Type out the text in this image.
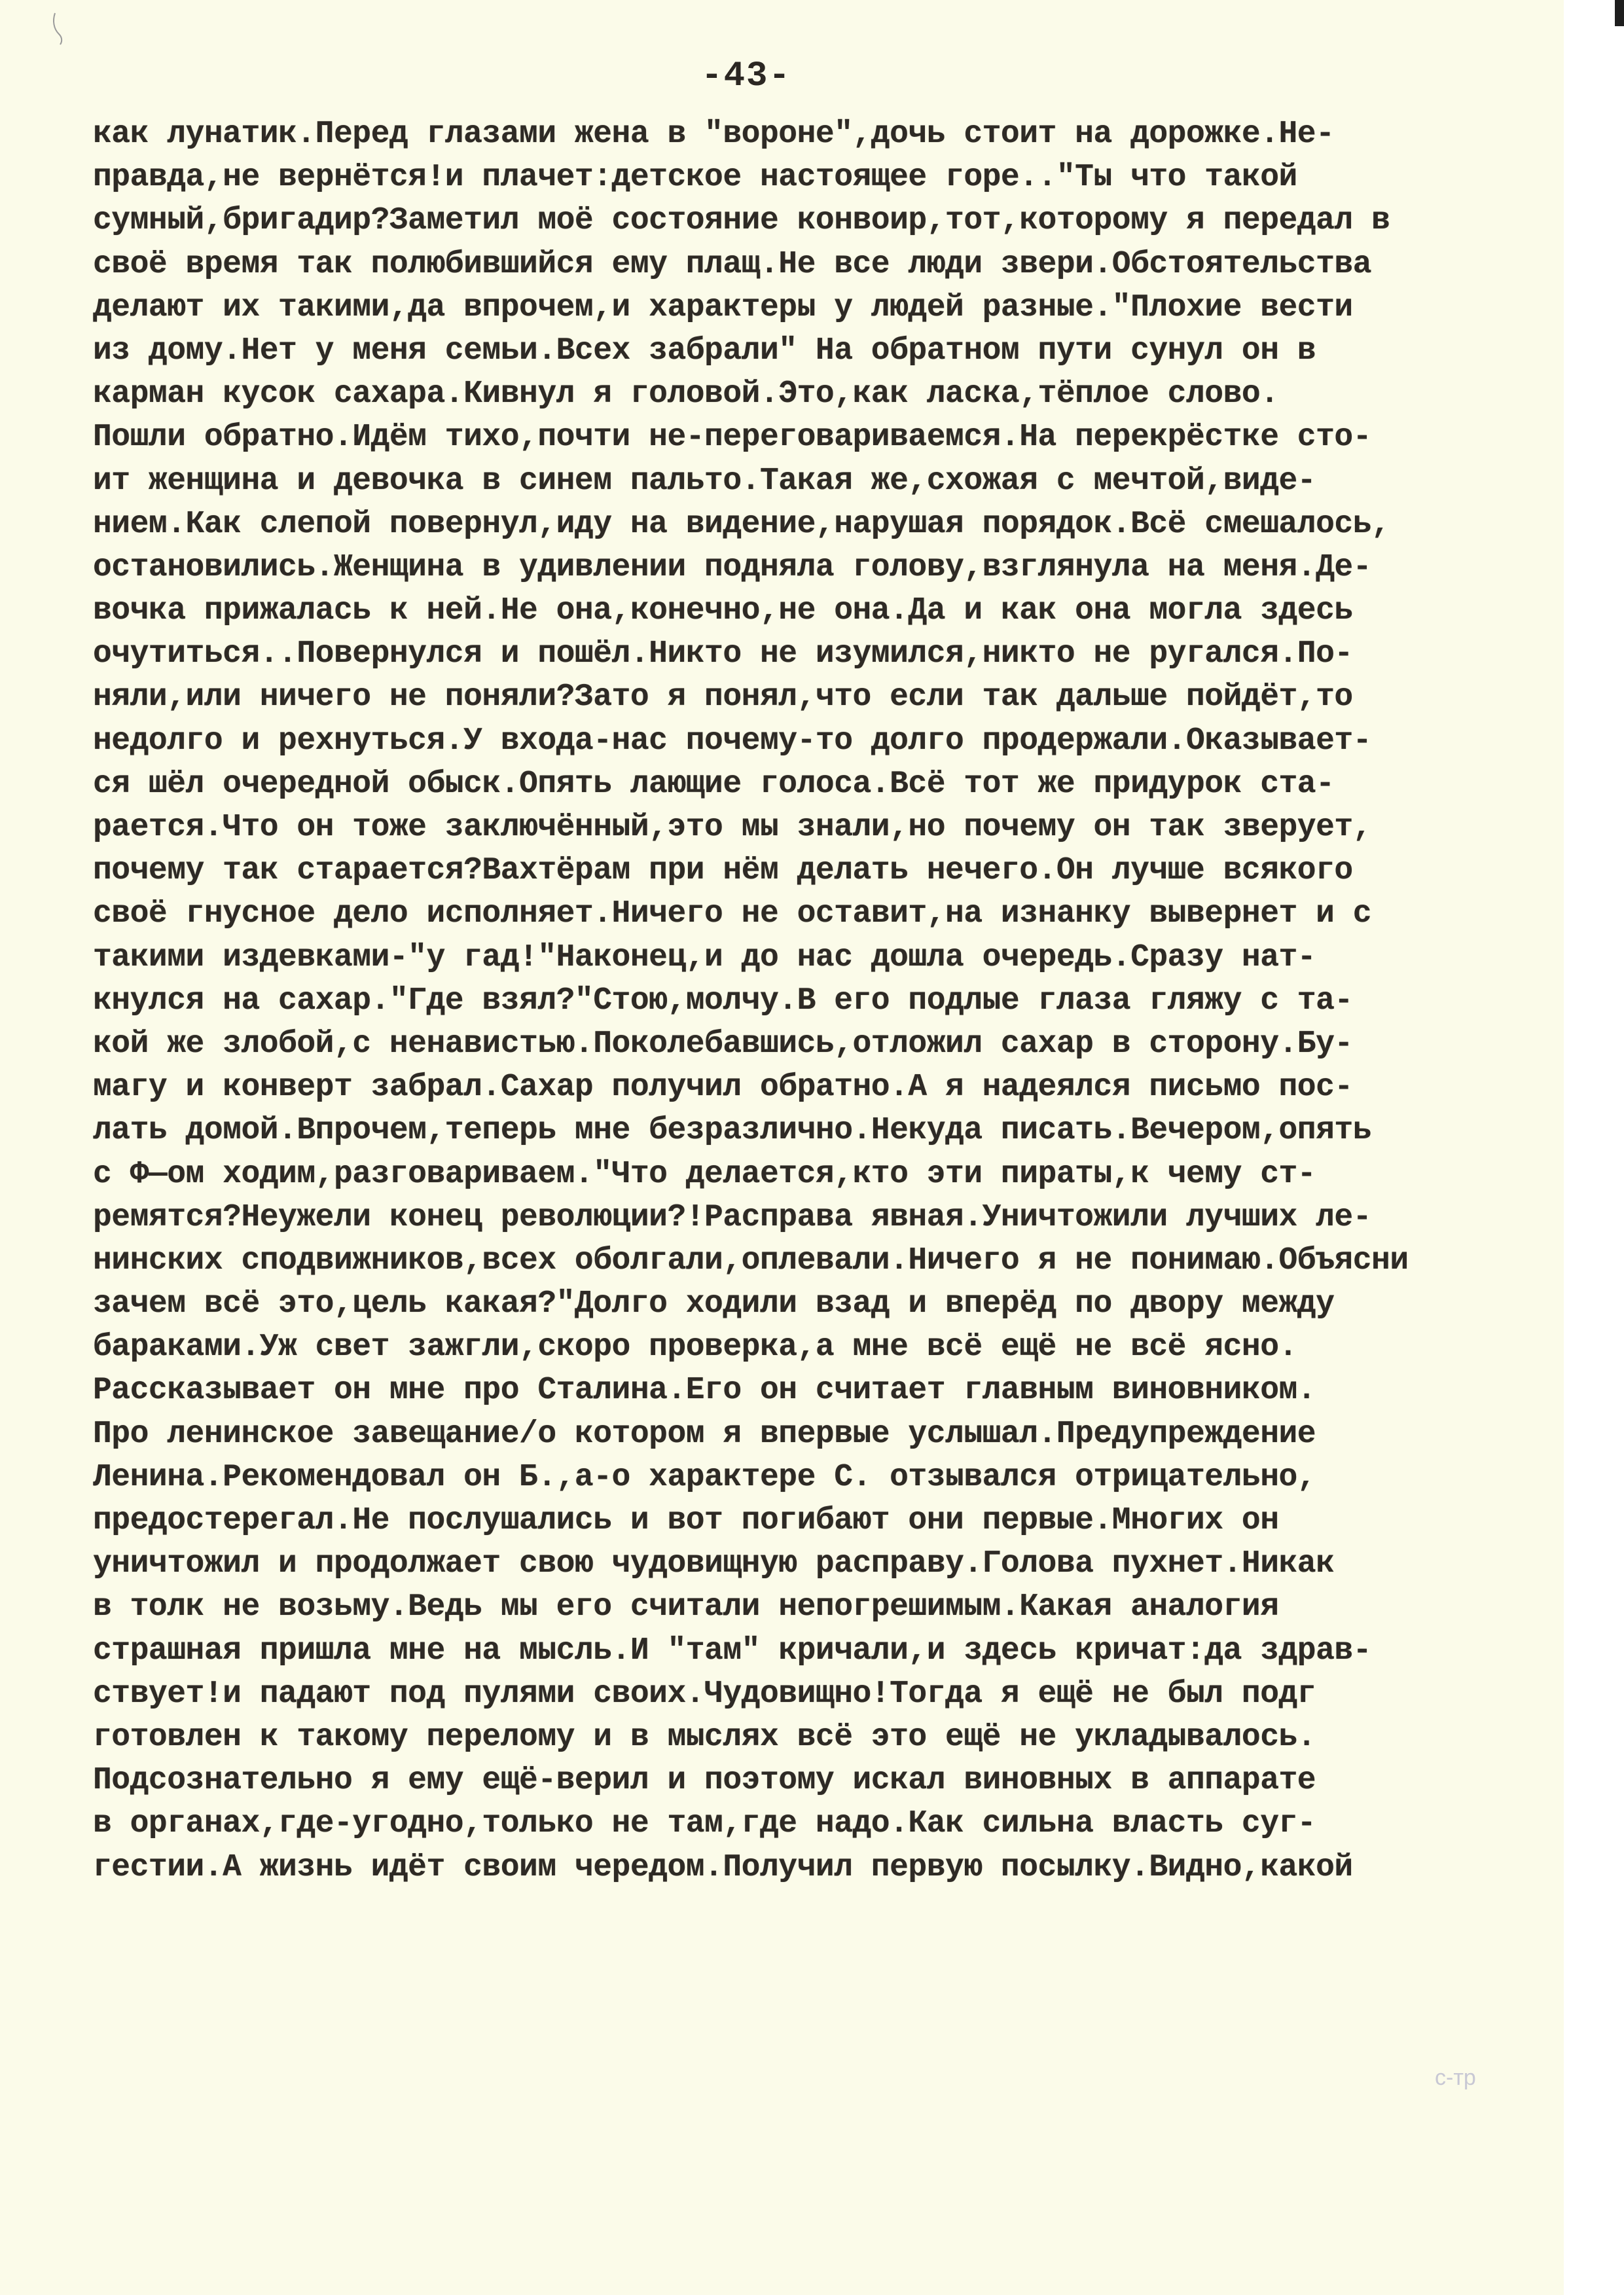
-43-
как лунатик.Перед глазами жена в "вороне",дочь стоит на дорожке.Не-
правда,не вернётся!и плачет:детское настоящее горе.."Ты что такой
сумный,бригадир?Заметил моё состояние конвоир,тот,которому я передал в
своё время так полюбившийся ему плащ.Не все люди звери.Обстоятельства
делают их такими,да впрочем,и характеры у людей разные."Плохие вести
из дому.Нет у меня семьи.Всех забрали" На обратном пути сунул он в
карман кусок сахара.Кивнул я головой.Это,как ласка,тёплое слово.
Пошли обратно.Идём тихо,почти не-переговариваемся.На перекрёстке сто-
ит женщина и девочка в синем пальто.Такая же,схожая с мечтой,виде-
нием.Как слепой повернул,иду на видение,нарушая порядок.Всё смешалось,
остановились.Женщина в удивлении подняла голову,взглянула на меня.Де-
вочка прижалась к ней.Не она,конечно,не она.Да и как она могла здесь
очутиться..Повернулся и пошёл.Никто не изумился,никто не ругался.По-
няли,или ничего не поняли?Зато я понял,что если так дальше пойдёт,то
недолго и рехнуться.У входа-нас почему-то долго продержали.Оказывает-
ся шёл очередной обыск.Опять лающие голоса.Всё тот же придурок ста-
рается.Что он тоже заключённый,это мы знали,но почему он так зверует,
почему так старается?Вахтёрам при нём делать нечего.Он лучше всякого
своё гнусное дело исполняет.Ничего не оставит,на изнанку вывернет и с
такими издевками-"у гад!"Наконец,и до нас дошла очередь.Сразу нат-
кнулся на сахар."Где взял?"Стою,молчу.В его подлые глаза гляжу с та-
кой же злобой,с ненавистью.Поколебавшись,отложил сахар в сторону.Бу-
магу и конверт забрал.Сахар получил обратно.А я надеялся письмо пос-
лать домой.Впрочем,теперь мне безразлично.Некуда писать.Вечером,опять
с Ф—ом ходим,разговариваем."Что делается,кто эти пираты,к чему ст-
ремятся?Неужели конец революции?!Расправа явная.Уничтожили лучших ле-
нинских сподвижников,всех оболгали,оплевали.Ничего я не понимаю.Объясни
зачем всё это,цель какая?"Долго ходили взад и вперёд по двору между
бараками.Уж свет зажгли,скоро проверка,а мне всё ещё не всё ясно.
Рассказывает он мне про Сталина.Его он считает главным виновником.
Про ленинское завещание/о котором я впервые услышал.Предупреждение
Ленина.Рекомендовал он Б.,а-о характере С. отзывался отрицательно,
предостерегал.Не послушались и вот погибают они первые.Многих он
уничтожил и продолжает свою чудовищную расправу.Голова пухнет.Никак
в толк не возьму.Ведь мы его считали непогрешимым.Какая аналогия
страшная пришла мне на мысль.И "там" кричали,и здесь кричат:да здрав-
ствует!и падают под пулями своих.Чудовищно!Тогда я ещё не был подг
готовлен к такому перелому и в мыслях всё это ещё не укладывалось.
Подсознательно я ему ещё-верил и поэтому искал виновных в аппарате
в органах,где-угодно,только не там,где надо.Как сильна власть суг-
гестии.А жизнь идёт своим чередом.Получил первую посылку.Видно,какой
с-тр
